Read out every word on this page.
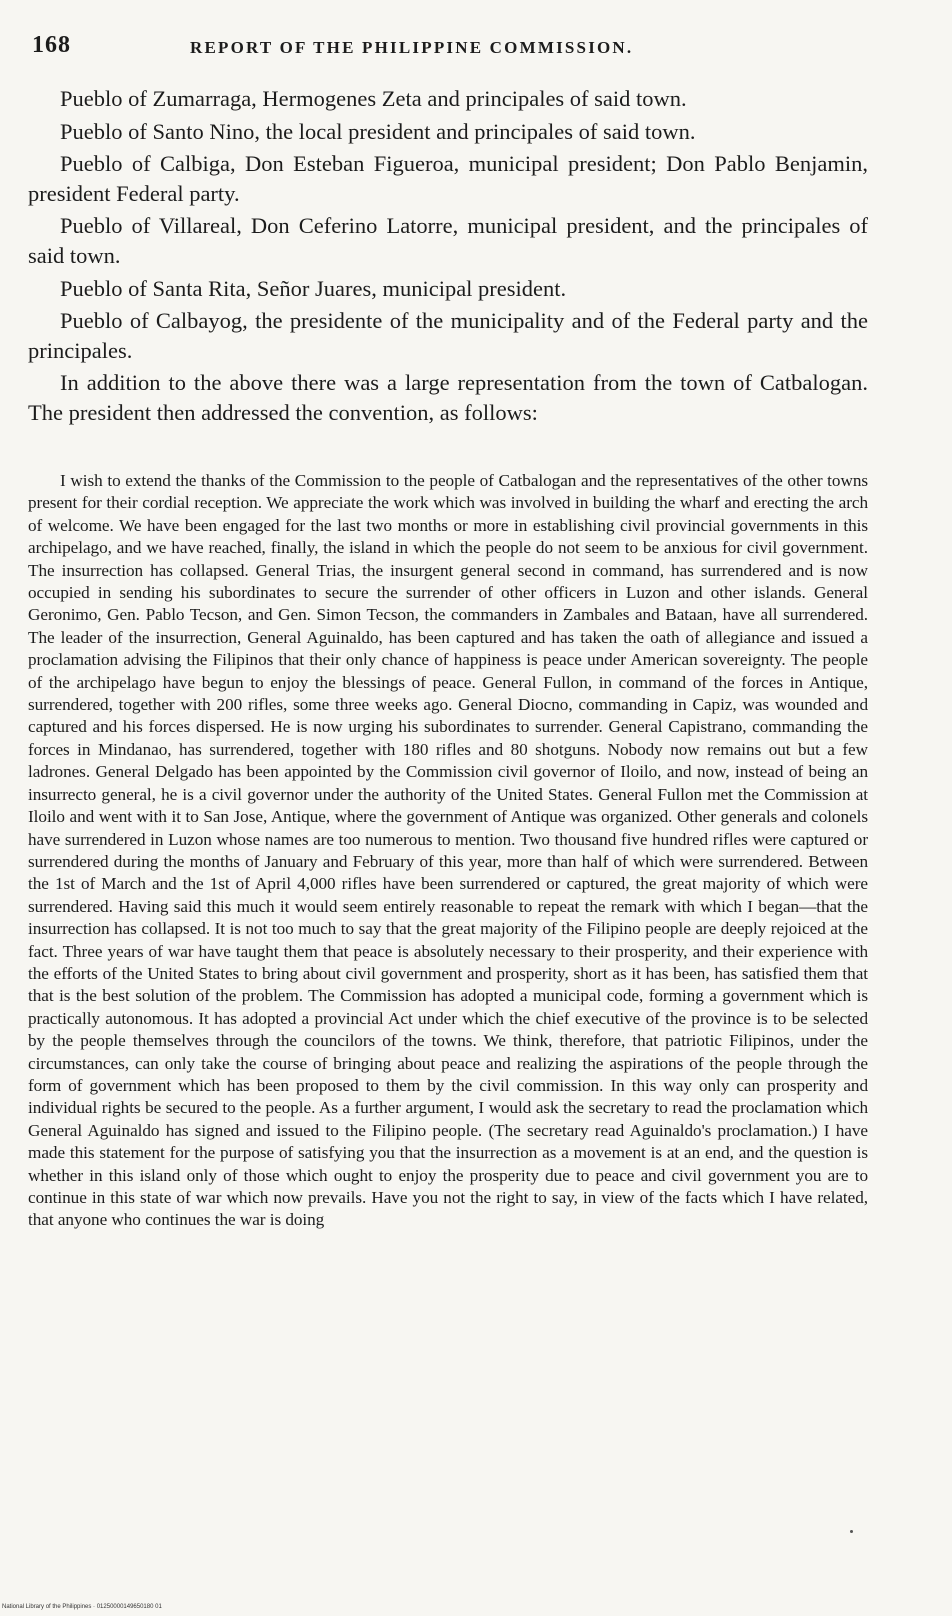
168	REPORT OF THE PHILIPPINE COMMISSION.

Pueblo of Zumarraga, Hermogenes Zeta and principales of said town.

Pueblo of Santo Nino, the local president and principales of said town.

Pueblo of Calbiga, Don Esteban Figueroa, municipal president; Don Pablo Benjamin, president Federal party.

Pueblo of Villareal, Don Ceferino Latorre, municipal president, and the principales of said town.

Pueblo of Santa Rita, Señor Juares, municipal president.

Pueblo of Calbayog, the presidente of the municipality and of the Federal party and the principales.

In addition to the above there was a large representation from the town of Catbalogan. The president then addressed the convention, as follows:

I wish to extend the thanks of the Commission to the people of Catbalogan and the representatives of the other towns present for their cordial reception. We appreciate the work which was involved in building the wharf and erecting the arch of welcome. We have been engaged for the last two months or more in establishing civil provincial governments in this archipelago, and we have reached, finally, the island in which the people do not seem to be anxious for civil government. The insurrection has collapsed. General Trias, the insurgent general second in command, has surrendered and is now occupied in sending his subordinates to secure the surrender of other officers in Luzon and other islands. General Geronimo, Gen. Pablo Tecson, and Gen. Simon Tecson, the commanders in Zambales and Bataan, have all surrendered. The leader of the insurrection, General Aguinaldo, has been captured and has taken the oath of allegiance and issued a proclamation advising the Filipinos that their only chance of happiness is peace under American sovereignty. The people of the archipelago have begun to enjoy the blessings of peace. General Fullon, in command of the forces in Antique, surrendered, together with 200 rifles, some three weeks ago. General Diocno, commanding in Capiz, was wounded and captured and his forces dispersed. He is now urging his subordinates to surrender. General Capistrano, commanding the forces in Mindanao, has surrendered, together with 180 rifles and 80 shotguns. Nobody now remains out but a few ladrones. General Delgado has been appointed by the Commission civil governor of Iloilo, and now, instead of being an insurrecto general, he is a civil governor under the authority of the United States. General Fullon met the Commission at Iloilo and went with it to San Jose, Antique, where the government of Antique was organized. Other generals and colonels have surrendered in Luzon whose names are too numerous to mention. Two thousand five hundred rifles were captured or surrendered during the months of January and February of this year, more than half of which were surrendered. Between the 1st of March and the 1st of April 4,000 rifles have been surrendered or captured, the great majority of which were surrendered. Having said this much it would seem entirely reasonable to repeat the remark with which I began—that the insurrection has collapsed. It is not too much to say that the great majority of the Filipino people are deeply rejoiced at the fact. Three years of war have taught them that peace is absolutely necessary to their prosperity, and their experience with the efforts of the United States to bring about civil government and prosperity, short as it has been, has satisfied them that that is the best solution of the problem. The Commission has adopted a municipal code, forming a government which is practically autonomous. It has adopted a provincial Act under which the chief executive of the province is to be selected by the people themselves through the councilors of the towns. We think, therefore, that patriotic Filipinos, under the circumstances, can only take the course of bringing about peace and realizing the aspirations of the people through the form of government which has been proposed to them by the civil commission. In this way only can prosperity and individual rights be secured to the people. As a further argument, I would ask the secretary to read the proclamation which General Aguinaldo has signed and issued to the Filipino people. (The secretary read Aguinaldo's proclamation.) I have made this statement for the purpose of satisfying you that the insurrection as a movement is at an end, and the question is whether in this island only of those which ought to enjoy the prosperity due to peace and civil government you are to continue in this state of war which now prevails. Have you not the right to say, in view of the facts which I have related, that anyone who continues the war is doing

National Library of the Philippines · 01250000149650180 01
